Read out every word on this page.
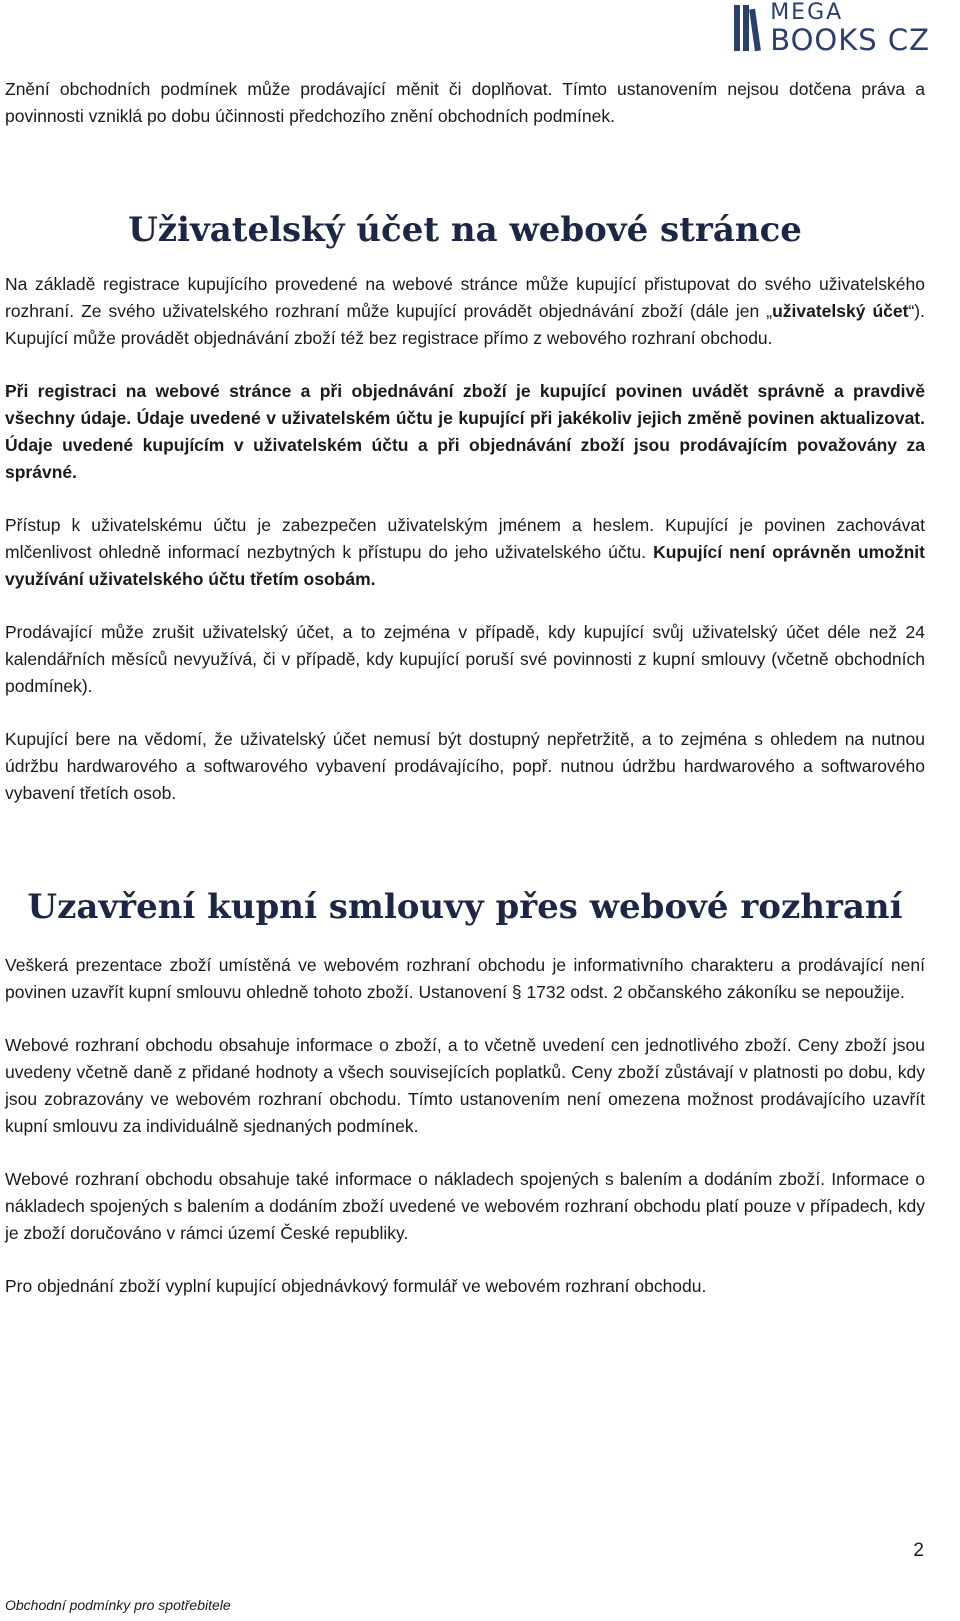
MEGA
BOOKS CZ

Znění obchodních podmínek může prodávající měnit či doplňovat. Tímto ustanovením nejsou dotčena práva a povinnosti vzniklá po dobu účinnosti předchozího znění obchodních podmínek.

Uživatelský účet na webové stránce

Na základě registrace kupujícího provedené na webové stránce může kupující přistupovat do svého uživatelského rozhraní. Ze svého uživatelského rozhraní může kupující provádět objednávání zboží (dále jen „uživatelský účet“). Kupující může provádět objednávání zboží též bez registrace přímo z webového rozhraní obchodu.

Při registraci na webové stránce a při objednávání zboží je kupující povinen uvádět správně a pravdivě všechny údaje. Údaje uvedené v uživatelském účtu je kupující při jakékoliv jejich změně povinen aktualizovat. Údaje uvedené kupujícím v uživatelském účtu a při objednávání zboží jsou prodávajícím považovány za správné.

Přístup k uživatelskému účtu je zabezpečen uživatelským jménem a heslem. Kupující je povinen zachovávat mlčenlivost ohledně informací nezbytných k přístupu do jeho uživatelského účtu. Kupující není oprávněn umožnit využívání uživatelského účtu třetím osobám.

Prodávající může zrušit uživatelský účet, a to zejména v případě, kdy kupující svůj uživatelský účet déle než 24 kalendářních měsíců nevyužívá, či v případě, kdy kupující poruší své povinnosti z kupní smlouvy (včetně obchodních podmínek).

Kupující bere na vědomí, že uživatelský účet nemusí být dostupný nepřetržitě, a to zejména s ohledem na nutnou údržbu hardwarového a softwarového vybavení prodávajícího, popř. nutnou údržbu hardwarového a softwarového vybavení třetích osob.

Uzavření kupní smlouvy přes webové rozhraní

Veškerá prezentace zboží umístěná ve webovém rozhraní obchodu je informativního charakteru a prodávající není povinen uzavřít kupní smlouvu ohledně tohoto zboží. Ustanovení § 1732 odst. 2 občanského zákoníku se nepoužije.

Webové rozhraní obchodu obsahuje informace o zboží, a to včetně uvedení cen jednotlivého zboží. Ceny zboží jsou uvedeny včetně daně z přidané hodnoty a všech souvisejících poplatků. Ceny zboží zůstávají v platnosti po dobu, kdy jsou zobrazovány ve webovém rozhraní obchodu. Tímto ustanovením není omezena možnost prodávajícího uzavřít kupní smlouvu za individuálně sjednaných podmínek.

Webové rozhraní obchodu obsahuje také informace o nákladech spojených s balením a dodáním zboží. Informace o nákladech spojených s balením a dodáním zboží uvedené ve webovém rozhraní obchodu platí pouze v případech, kdy je zboží doručováno v rámci území České republiky.

Pro objednání zboží vyplní kupující objednávkový formulář ve webovém rozhraní obchodu.

2
Obchodní podmínky pro spotřebitele
